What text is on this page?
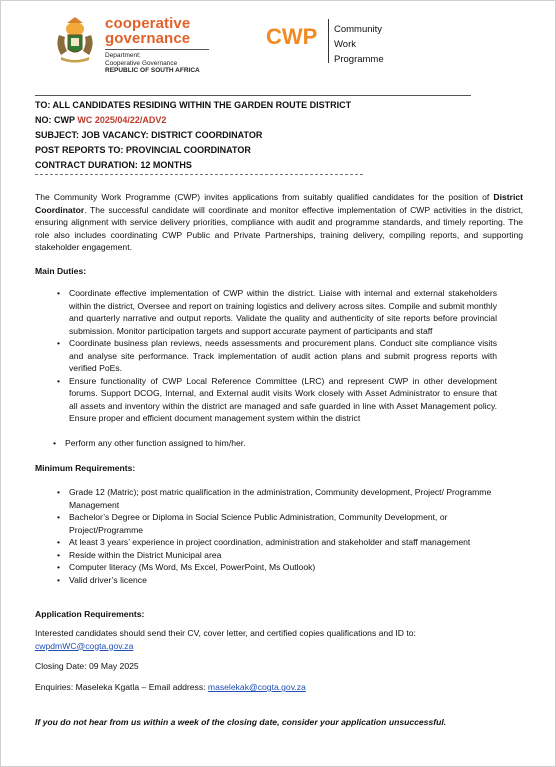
cooperative
governance
Department:
Cooperative Governance
REPUBLIC OF SOUTH AFRICA
CWP Community
Work
Programme
TO: ALL CANDIDATES RESIDING WITHIN THE GARDEN ROUTE DISTRICT
NO: CWP WC 2025/04/22/ADV2
SUBJECT: JOB VACANCY: DISTRICT COORDINATOR
POST REPORTS TO: PROVINCIAL COORDINATOR
CONTRACT DURATION: 12 MONTHS
The Community Work Programme (CWP) invites applications from suitably qualified candidates for the position of District Coordinator. The successful candidate will coordinate and monitor effective implementation of CWP activities in the district, ensuring alignment with service delivery priorities, compliance with audit and programme standards, and timely reporting. The role also includes coordinating CWP Public and Private Partnerships, training delivery, compiling reports, and supporting stakeholder engagement.
Main Duties:
• Coordinate effective implementation of CWP within the district. Liaise with internal and external stakeholders within the district, Oversee and report on training logistics and delivery across sites. Compile and submit monthly and quarterly narrative and output reports. Validate the quality and authenticity of site reports before provincial submission. Monitor participation targets and support accurate payment of participants and staff
• Coordinate business plan reviews, needs assessments and procurement plans. Conduct site compliance visits and analyse site performance. Track implementation of audit action plans and submit progress reports with verified PoEs.
• Ensure functionality of CWP Local Reference Committee (LRC) and represent CWP in other development forums. Support DCOG, Internal, and External audit visits Work closely with Asset Administrator to ensure that all assets and inventory within the district are managed and safe guarded in line with Asset Management policy. Ensure proper and efficient document management system within the district
• Perform any other function assigned to him/her.
Minimum Requirements:
• Grade 12 (Matric); post matric qualification in the administration, Community development, Project/ Programme Management
• Bachelor’s Degree or Diploma in Social Science Public Administration, Community Development, or Project/Programme
• At least 3 years’ experience in project coordination, administration and stakeholder and staff management
• Reside within the District Municipal area
• Computer literacy (Ms Word, Ms Excel, PowerPoint, Ms Outlook)
• Valid driver’s licence
Application Requirements:
Interested candidates should send their CV, cover letter, and certified copies qualifications and ID to:
cwpdmWC@cogta.gov.za
Closing Date: 09 May 2025
Enquiries: Maseleka Kgatla – Email address: maselekak@cogta.gov.za
If you do not hear from us within a week of the closing date, consider your application unsuccessful.
